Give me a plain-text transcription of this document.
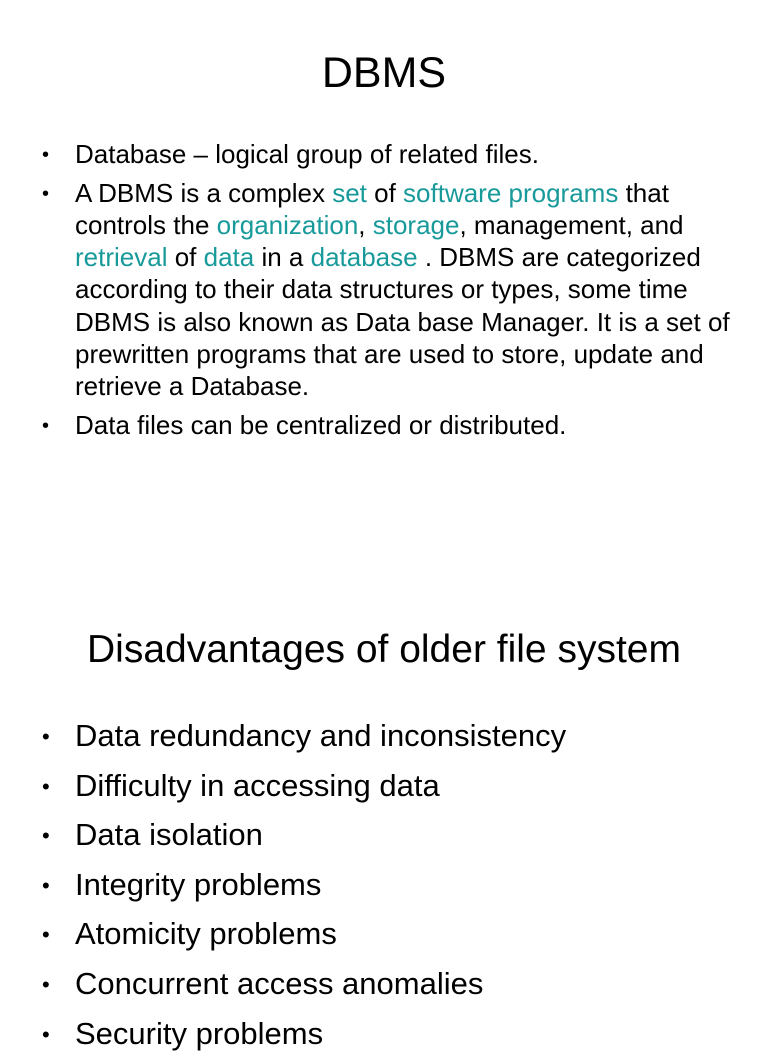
DBMS
• Database – logical group of related files.
• A DBMS is a complex set of software programs that controls the organization, storage, management, and retrieval of data in a database . DBMS are categorized according to their data structures or types, some time DBMS is also known as Data base Manager. It is a set of prewritten programs that are used to store, update and retrieve a Database.
• Data files can be centralized or distributed.
Disadvantages of older file system
• Data redundancy and inconsistency
• Difficulty in accessing data
• Data isolation
• Integrity problems
• Atomicity problems
• Concurrent access anomalies
• Security problems
